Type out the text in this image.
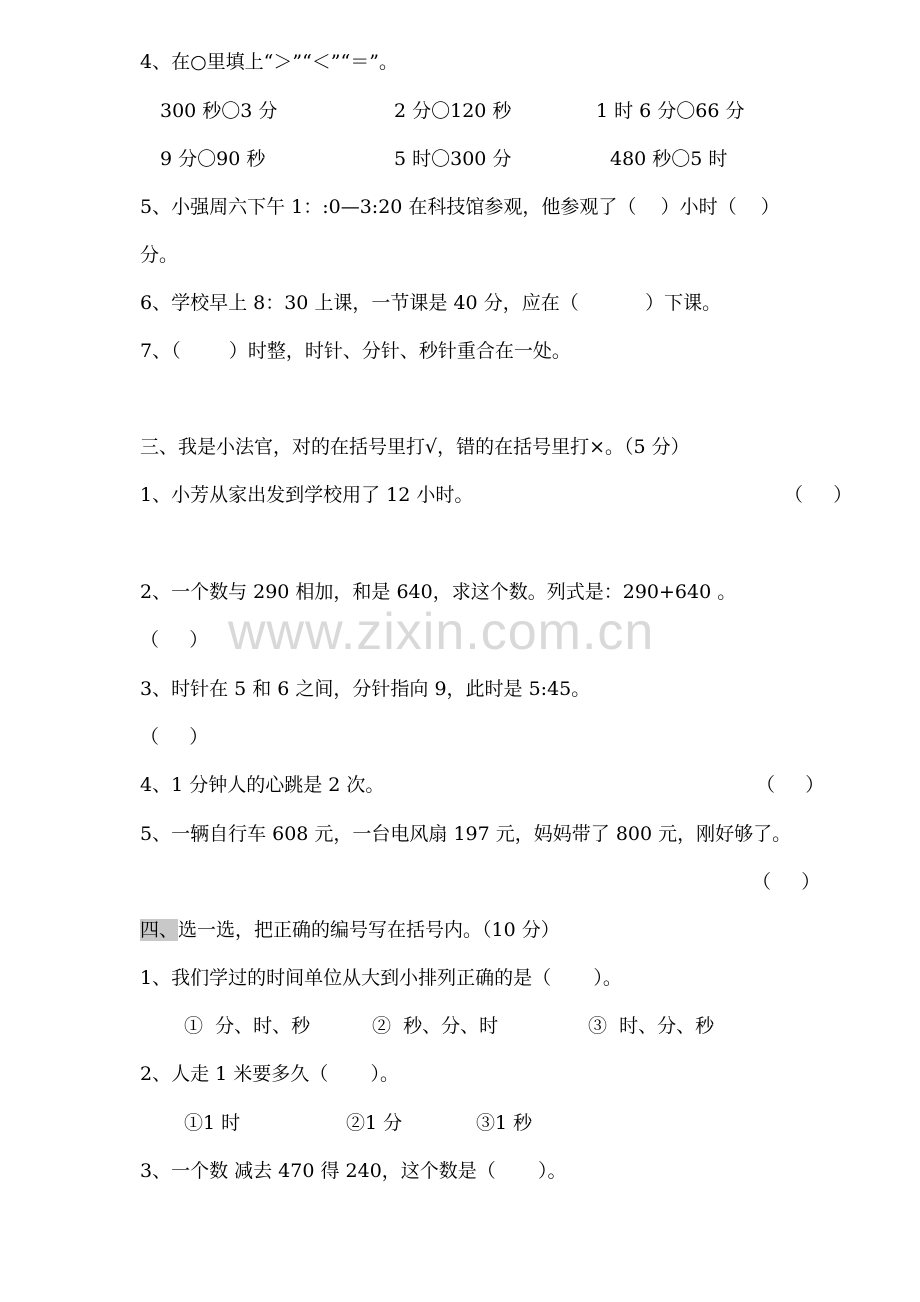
www.zixin.com.cn
4、在○里填上“＞”“＜”“＝”。
300 秒〇3 分	2 分〇120 秒	1 时 6 分〇66 分
9 分〇90 秒	5 时〇300 分	480 秒〇5 时
5、小强周六下午 1：:0—3:20 在科技馆参观，他参观了（    ）小时（    ）
分。
6、学校早上 8：30 上课，一节课是 40 分，应在（           ）下课。
7、（        ）时整，时针、分针、秒针重合在一处。
三、我是小法官，对的在括号里打√，错的在括号里打×。（5 分）
1、小芳从家出发到学校用了 12 小时。	（     ）
2、一个数与 290 相加，和是 640，求这个数。列式是：290+640 。
（     ）
3、时针在 5 和 6 之间，分针指向 9，此时是 5:45。
（     ）
4、1 分钟人的心跳是 2 次。	（     ）
5、一辆自行车 608 元，一台电风扇 197 元，妈妈带了 800 元，刚好够了。
（     ）
四、选一选，把正确的编号写在括号内。（10 分）
1、我们学过的时间单位从大到小排列正确的是（       ）。
①  分、时、秒	②  秒、分、时	③  时、分、秒
2、人走 1 米要多久（       ）。
①1 时	②1 分	③1 秒
3、一个数 减去 470 得 240，这个数是（       ）。
